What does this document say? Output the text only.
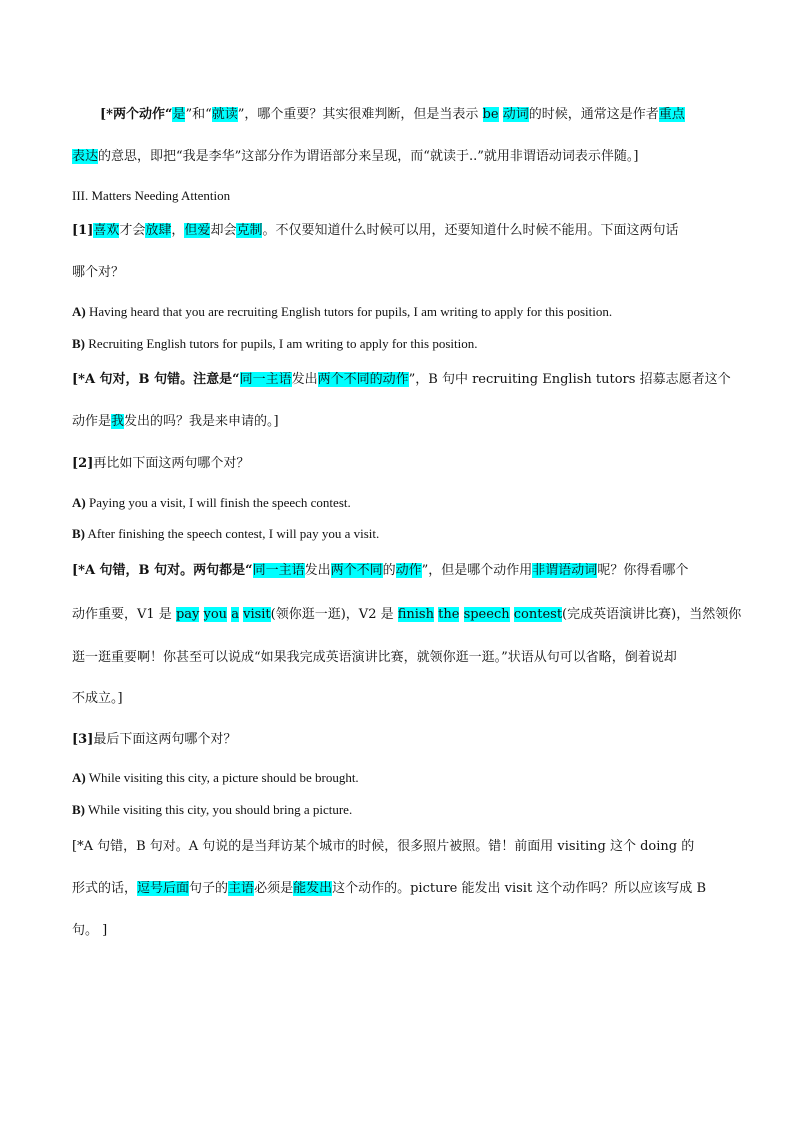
[*两个动作“是”和“就读”，哪个重要？其实很难判断，但是当表示 be 动词的时候，通常这是作者重点
表达的意思，即把“我是李华”这部分作为谓语部分来呈现，而“就读于..”就用非谓语动词表示伴随。]
III. Matters Needing Attention
[1]喜欢才会放肆，但爱却会克制。不仅要知道什么时候可以用，还要知道什么时候不能用。下面这两句话
哪个对？
A) Having heard that you are recruiting English tutors for pupils, I am writing to apply for this position.
B) Recruiting English tutors for pupils, I am writing to apply for this position.
[*A 句对，B 句错。注意是“同一主语发出两个不同的动作”，B 句中 recruiting English tutors 招募志愿者这个
动作是我发出的吗？我是来申请的。]
[2]再比如下面这两句哪个对？
A) Paying you a visit, I will finish the speech contest.
B) After finishing the speech contest, I will pay you a visit.
[*A 句错，B 句对。两句都是“同一主语发出两个不同的动作”，但是哪个动作用非谓语动词呢？你得看哪个
动作重要，V1 是 pay you a visit(领你逛一逛)，V2 是 finish the speech contest(完成英语演讲比赛)，当然领你
逛一逛重要啊！你甚至可以说成“如果我完成英语演讲比赛，就领你逛一逛。”状语从句可以省略，倒着说却
不成立。]
[3]最后下面这两句哪个对？
A) While visiting this city, a picture should be brought.
B) While visiting this city, you should bring a picture.
[*A 句错，B 句对。A 句说的是当拜访某个城市的时候，很多照片被照。错！前面用 visiting 这个 doing 的
形式的话，逗号后面句子的主语必须是能发出这个动作的。picture 能发出 visit 这个动作吗？所以应该写成 B
句。 ]
